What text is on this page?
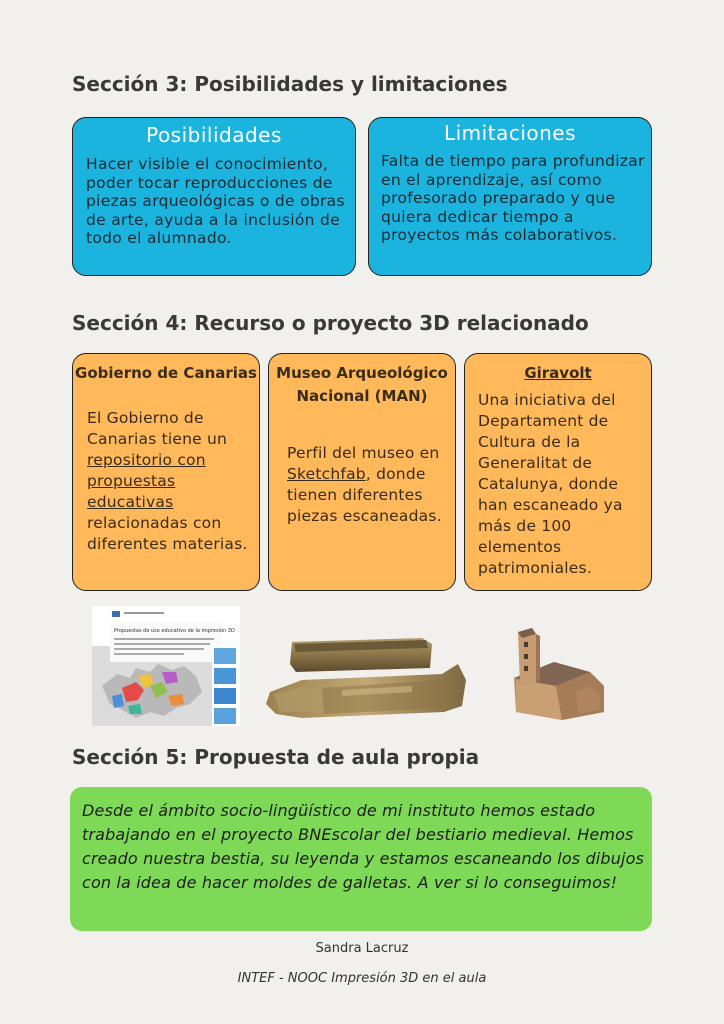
Sección 3: Posibilidades y limitaciones
Posibilidades
Hacer visible el conocimiento, poder tocar reproducciones de piezas arqueológicas o de obras de arte, ayuda a la inclusión de todo el alumnado.
Limitaciones
Falta de tiempo para profundizar en el aprendizaje, así como profesorado preparado y que quiera dedicar tiempo a proyectos más colaborativos.
Sección 4: Recurso o proyecto 3D relacionado
Gobierno de Canarias
El Gobierno de Canarias tiene un repositorio con propuestas educativas relacionadas con diferentes materias.
Museo Arqueológico Nacional (MAN)
Perfil del museo en Sketchfab, donde tienen diferentes piezas escaneadas.
Giravolt
Una iniciativa del Departament de Cultura de la Generalitat de Catalunya, donde han escaneado ya más de 100 elementos patrimoniales.
Propuestas de uso educativo de la impresión 3D
Sección 5: Propuesta de aula propia
Desde el ámbito socio-lingüístico de mi instituto hemos estado trabajando en el proyecto BNEscolar del bestiario medieval. Hemos creado nuestra bestia, su leyenda y estamos escaneando los dibujos con la idea de hacer moldes de galletas. A ver si lo conseguimos!
Sandra Lacruz
INTEF - NOOC Impresión 3D en el aula
